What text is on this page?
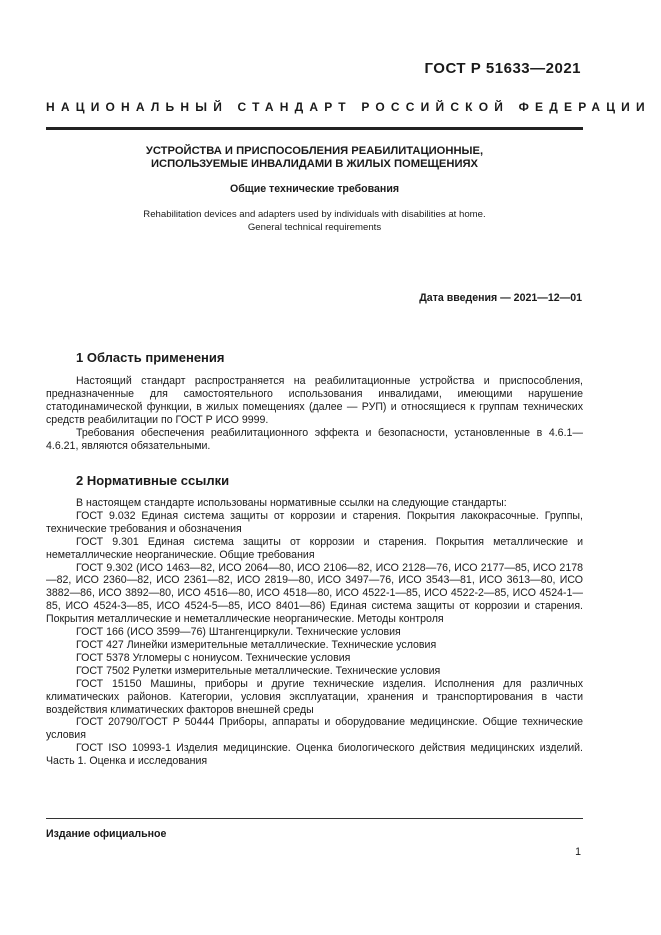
ГОСТ Р 51633—2021
НАЦИОНАЛЬНЫЙ СТАНДАРТ РОССИЙСКОЙ ФЕДЕРАЦИИ
УСТРОЙСТВА И ПРИСПОСОБЛЕНИЯ РЕАБИЛИТАЦИОННЫЕ,
ИСПОЛЬЗУЕМЫЕ ИНВАЛИДАМИ В ЖИЛЫХ ПОМЕЩЕНИЯХ
Общие технические требования
Rehabilitation devices and adapters used by individuals with disabilities at home.
General technical requirements
Дата введения — 2021—12—01
1 Область применения

Настоящий стандарт распространяется на реабилитационные устройства и приспособления, предназначенные для самостоятельного использования инвалидами, имеющими нарушение статодинамической функции, в жилых помещениях (далее — РУП) и относящиеся к группам технических средств реабилитации по ГОСТ Р ИСО 9999.

Требования обеспечения реабилитационного эффекта и безопасности, установленные в 4.6.1—4.6.21, являются обязательными.

2 Нормативные ссылки

В настоящем стандарте использованы нормативные ссылки на следующие стандарты:

ГОСТ 9.032 Единая система защиты от коррозии и старения. Покрытия лакокрасочные. Группы, технические требования и обозначения

ГОСТ 9.301 Единая система защиты от коррозии и старения. Покрытия металлические и неметаллические неорганические. Общие требования

ГОСТ 9.302 (ИСО 1463—82, ИСО 2064—80, ИСО 2106—82, ИСО 2128—76, ИСО 2177—85, ИСО 2178—82, ИСО 2360—82, ИСО 2361—82, ИСО 2819—80, ИСО 3497—76, ИСО 3543—81, ИСО 3613—80, ИСО 3882—86, ИСО 3892—80, ИСО 4516—80, ИСО 4518—80, ИСО 4522-1—85, ИСО 4522-2—85, ИСО 4524-1—85, ИСО 4524-3—85, ИСО 4524-5—85, ИСО 8401—86) Единая система защиты от коррозии и старения. Покрытия металлические и неметаллические неорганические. Методы контроля

ГОСТ 166 (ИСО 3599—76) Штангенциркули. Технические условия

ГОСТ 427 Линейки измерительные металлические. Технические условия

ГОСТ 5378 Угломеры с нониусом. Технические условия

ГОСТ 7502 Рулетки измерительные металлические. Технические условия

ГОСТ 15150 Машины, приборы и другие технические изделия. Исполнения для различных климатических районов. Категории, условия эксплуатации, хранения и транспортирования в части воздействия климатических факторов внешней среды

ГОСТ 20790/ГОСТ Р 50444 Приборы, аппараты и оборудование медицинские. Общие технические условия

ГОСТ ISO 10993-1 Изделия медицинские. Оценка биологического действия медицинских изделий. Часть 1. Оценка и исследования

Издание официальное
1
